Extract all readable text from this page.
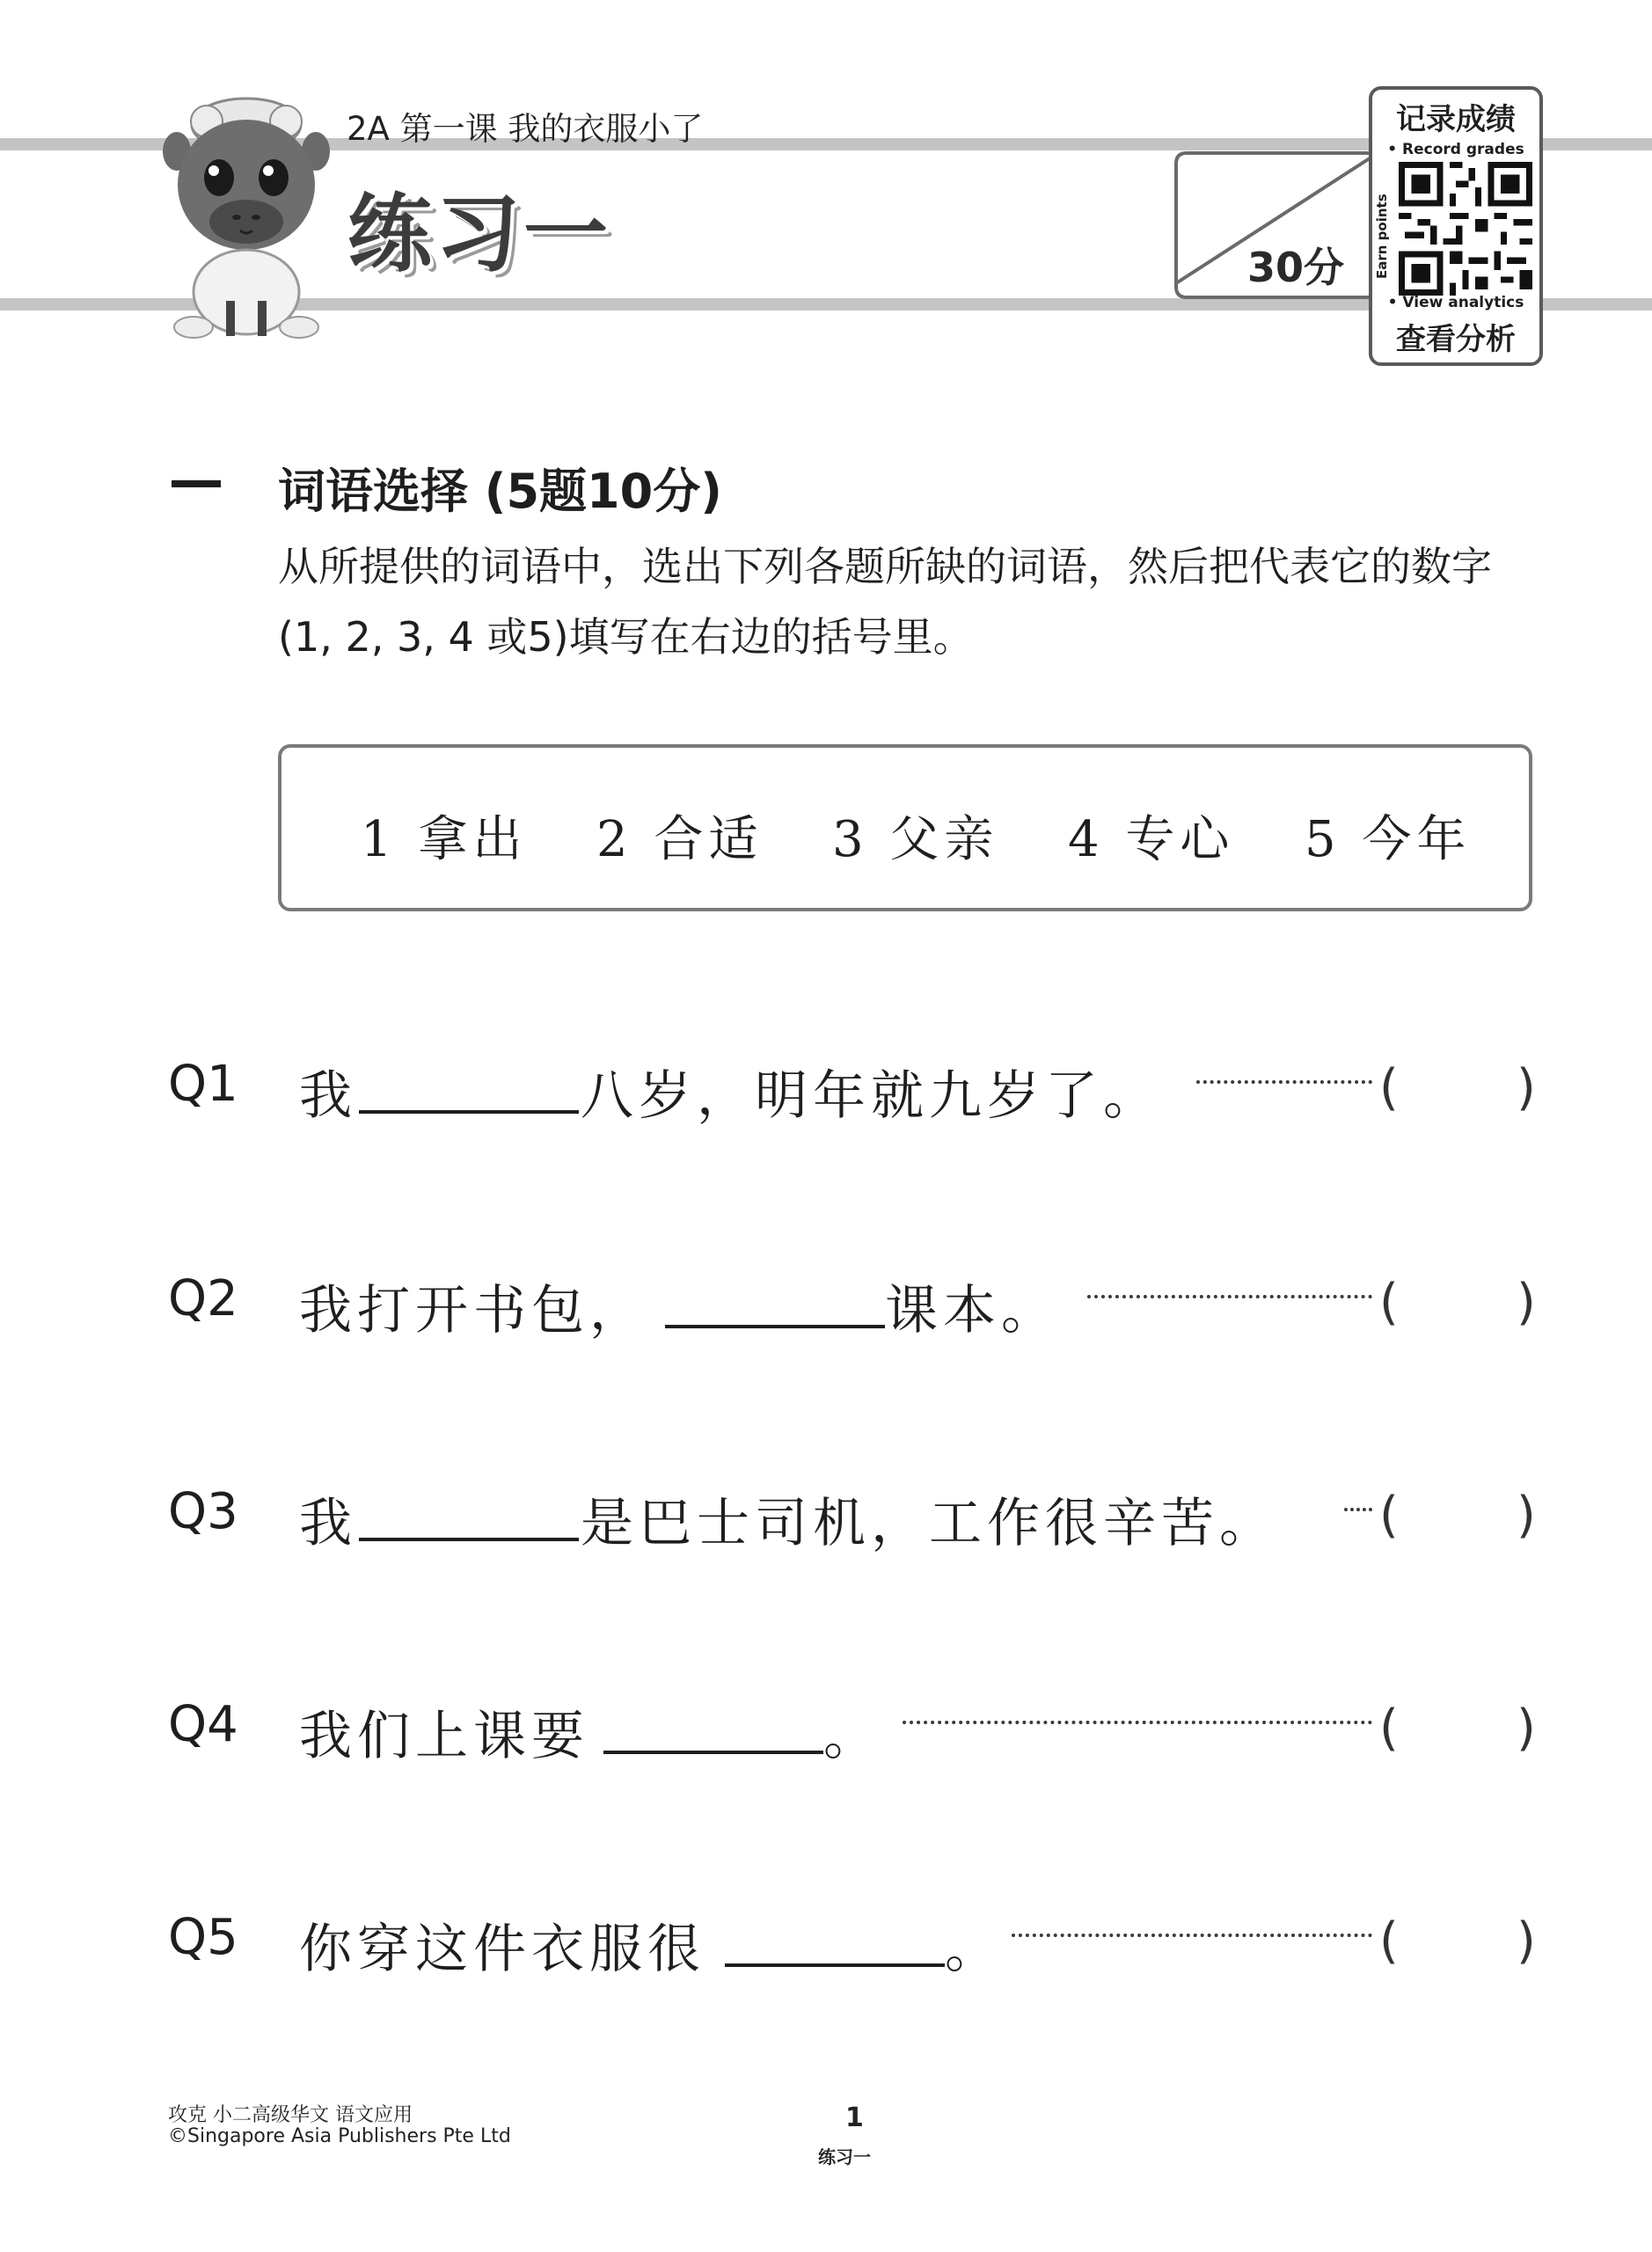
2A 第一课 我的衣服小了
练习一	30分
记录成绩
• Record grades
Earn points
• View analytics
查看分析
词语选择 (5题10分)
从所提供的词语中，选出下列各题所缺的词语，然后把代表它的数字(1, 2, 3, 4 或5)填写在右边的括号里。
1 拿出 2 合适 3 父亲 4 专心 5 今年
Q1 我	八岁，明年就九岁了。	( )
Q2 我打开书包，	课本。	( )
Q3 我	是巴士司机，工作很辛苦。 ( )
Q4 我们上课要	。	( )
Q5 你穿这件衣服很	。	( )
攻克 小二高级华文 语文应用
©Singapore Asia Publishers Pte Ltd
1
练习一
